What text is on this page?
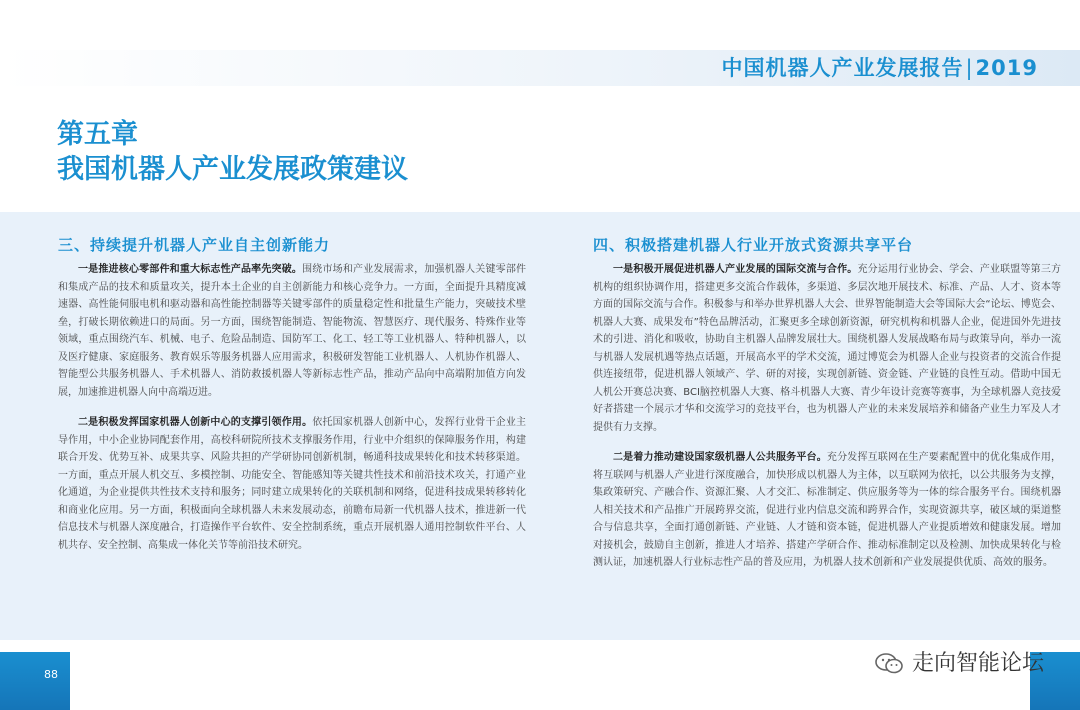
中国机器人产业发展报告|2019
第五章
我国机器人产业发展政策建议
三、持续提升机器人产业自主创新能力

一是推进核心零部件和重大标志性产品率先突破。围绕市场和产业发展需求，加强机器人关键零部件和集成产品的技术和质量攻关，提升本土企业的自主创新能力和核心竞争力。一方面，全面提升具精度减速器、高性能伺服电机和驱动器和高性能控制器等关键零部件的质量稳定性和批量生产能力，突破技术壁垒，打破长期依赖进口的局面。另一方面，围绕智能制造、智能物流、智慧医疗、现代服务、特殊作业等领域，重点围绕汽车、机械、电子、危险品制造、国防军工、化工、轻工等工业机器人、特种机器人，以及医疗健康、家庭服务、教育娱乐等服务机器人应用需求，积极研发智能工业机器人、人机协作机器人、智能型公共服务机器人、手术机器人、消防救援机器人等新标志性产品，推动产品向中高端附加值方向发展，加速推进机器人向中高端迈进。

二是积极发挥国家机器人创新中心的支撑引领作用。依托国家机器人创新中心，发挥行业骨干企业主导作用，中小企业协同配套作用，高校科研院所技术支撑服务作用，行业中介组织的保障服务作用，构建联合开发、优势互补、成果共享、风险共担的产学研协同创新机制，畅通科技成果转化和技术转移渠道。一方面，重点开展人机交互、多模控制、功能安全、智能感知等关键共性技术和前沿技术攻关，打通产业化通道，为企业提供共性技术支持和服务；同时建立成果转化的关联机制和网络，促进科技成果转移转化和商业化应用。另一方面，积极面向全球机器人未来发展动态，前瞻布局新一代机器人技术，推进新一代信息技术与机器人深度融合，打造操作平台软件、安全控制系统，重点开展机器人通用控制软件平台、人机共存、安全控制、高集成一体化关节等前沿技术研究。

四、积极搭建机器人行业开放式资源共享平台

一是积极开展促进机器人产业发展的国际交流与合作。充分运用行业协会、学会、产业联盟等第三方机构的组织协调作用，搭建更多交流合作载体，多渠道、多层次地开展技术、标准、产品、人才、资本等方面的国际交流与合作。积极参与和举办世界机器人大会、世界智能制造大会等国际大会“论坛、博览会、机器人大赛、成果发布”特色品牌活动，汇聚更多全球创新资源，研究机构和机器人企业，促进国外先进技术的引进、消化和吸收，协助自主机器人品牌发展壮大。围绕机器人发展战略布局与政策导向，举办一流与机器人发展机遇等热点话题，开展高水平的学术交流，通过博览会为机器人企业与投资者的交流合作提供连接纽带，促进机器人领域产、学、研的对接，实现创新链、资金链、产业链的良性互动。借助中国无人机公开赛总决赛、BCI脑控机器人大赛、格斗机器人大赛、青少年设计竞赛等赛事，为全球机器人竞技爱好者搭建一个展示才华和交流学习的竞技平台，也为机器人产业的未来发展培养和储备产业生力军及人才提供有力支撑。

二是着力推动建设国家级机器人公共服务平台。充分发挥互联网在生产要素配置中的优化集成作用，将互联网与机器人产业进行深度融合，加快形成以机器人为主体，以互联网为依托，以公共服务为支撑，集政策研究、产融合作、资源汇聚、人才交汇、标准制定、供应服务等为一体的综合服务平台。围绕机器人相关技术和产品推广开展跨界交流，促进行业内信息交流和跨界合作，实现资源共享，破区域的渠道整合与信息共享，全面打通创新链、产业链、人才链和资本链，促进机器人产业提质增效和健康发展。增加对接机会，鼓励自主创新，推进人才培养、搭建产学研合作、推动标准制定以及检测、加快成果转化与检测认证，加速机器人行业标志性产品的普及应用，为机器人技术创新和产业发展提供优质、高效的服务。

88	走向智能论坛
